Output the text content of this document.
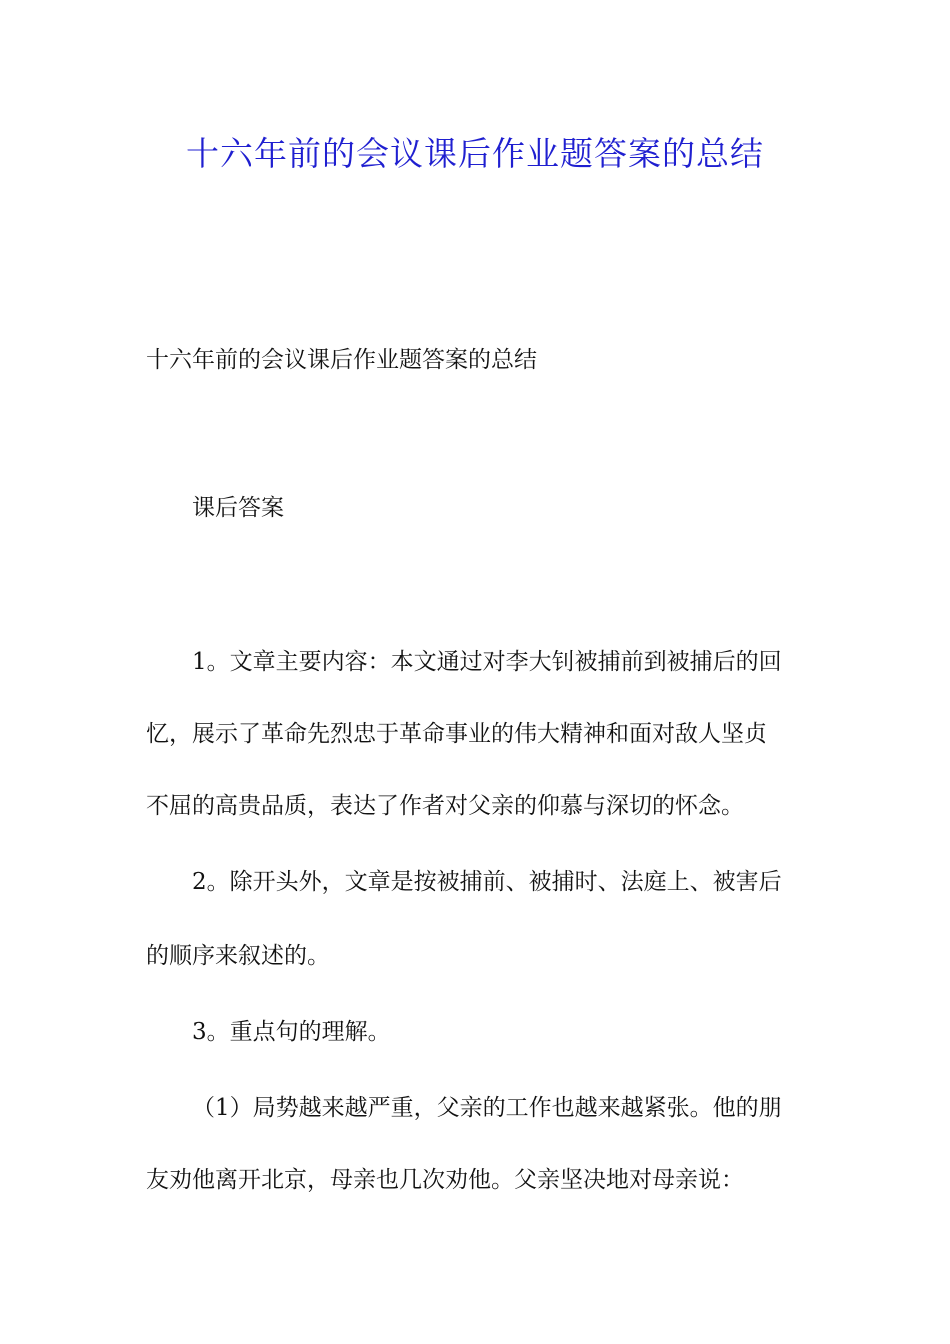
十六年前的会议课后作业题答案的总结

十六年前的会议课后作业题答案的总结

课后答案

1。文章主要内容：本文通过对李大钊被捕前到被捕后的回

忆，展示了革命先烈忠于革命事业的伟大精神和面对敌人坚贞

不屈的高贵品质，表达了作者对父亲的仰慕与深切的怀念。

2。除开头外，文章是按被捕前、被捕时、法庭上、被害后

的顺序来叙述的。

3。重点句的理解。

（1）局势越来越严重，父亲的工作也越来越紧张。他的朋

友劝他离开北京，母亲也几次劝他。父亲坚决地对母亲说：
